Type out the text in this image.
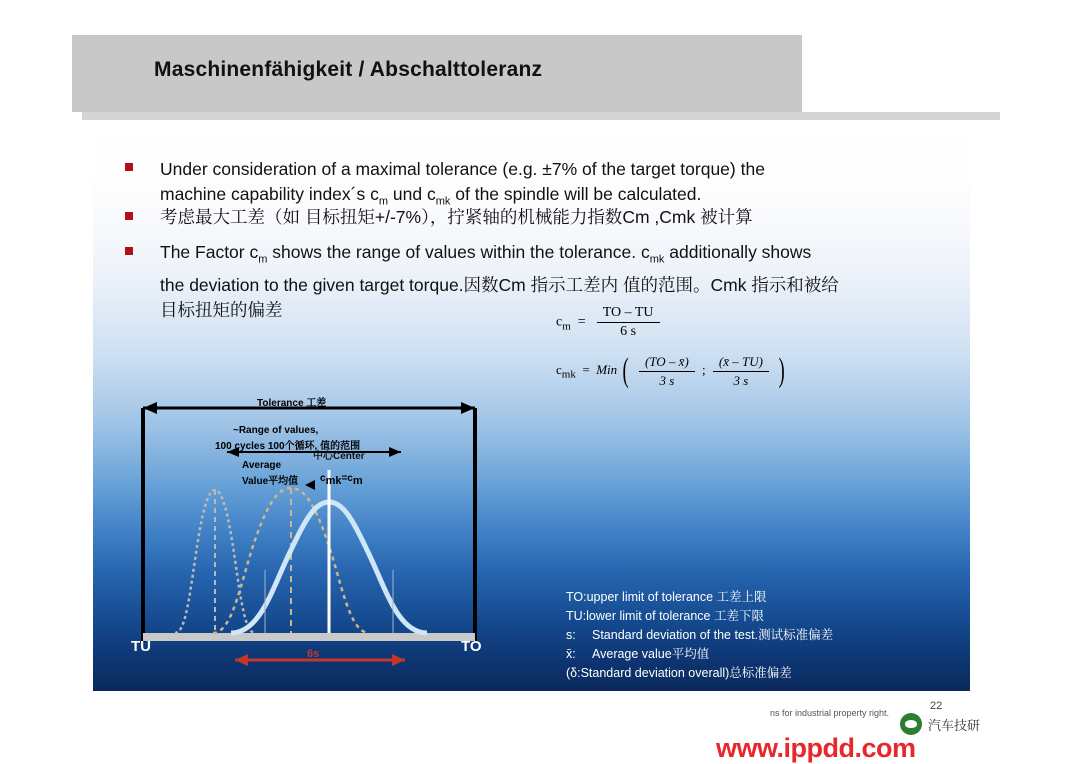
Maschinenfähigkeit / Abschalttoleranz
Under consideration of a maximal tolerance (e.g. ±7% of the target torque) the
machine capability index´s $c_m$ und $c_{mk}$ of the spindle will be calculated.
考虑最大工差（如 目标扭矩+/-7%），拧紧轴的机械能力指数Cm ,Cmk 被计算
The Factor $c_m$ shows the range of values within the tolerance. $c_{mk}$ additionally shows
the deviation to the given target torque.因数Cm 指示工差内 值的范围。Cmk 指示和被给
目标扭矩的偏差
$c_m = \frac{TO - TU}{6 s}$
$c_{mk}$ = Min ( $\frac{(TO - x̄)}{3 s}$ ; $\frac{(x̄ - TU)}{3 s}$ )
Tolerance 工差
~Range of values,
100 cycles 100个循环, 值的范围
中心Center
Average
Value平均值 cmk=cm
TU	TO
6s
TO:upper limit of tolerance 工差上限
TU:lower limit of tolerance 工差下限
s: Standard deviation of the test.测试标准偏差
x̄: Average value平均值
(δ:Standard deviation overall)总标准偏差
ns for industrial property right.
22
汽车技研
www.ippdd.com
